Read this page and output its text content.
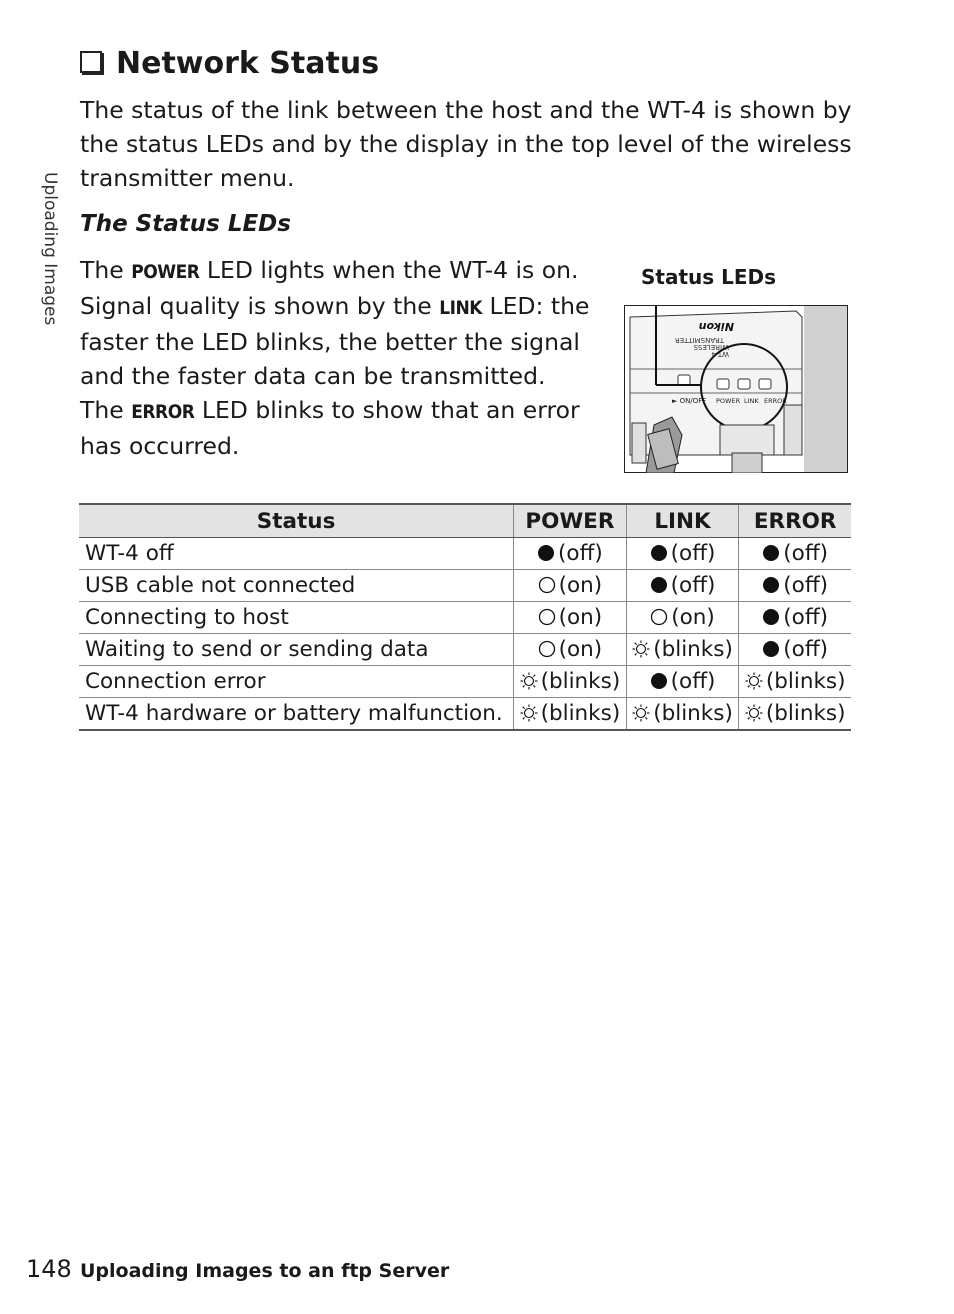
Uploading Images
Network Status

The status of the link between the host and the WT-4 is shown by the status LEDs and by the display in the top level of the wireless transmitter menu.

The Status LEDs

The POWER LED lights when the WT-4 is on. Signal quality is shown by the LINK LED: the faster the LED blinks, the better the signal and the faster data can be transmitted. The ERROR LED blinks to show that an error has occurred.

Status LEDs
WT-4
WIRELESS
TRANSMITTER
Nikon
► ON/OFF POWER LINK ERROR
Status	POWER	LINK	ERROR
WT-4 off	(off)	(off)	(off)
USB cable not connected	(on)	(off)	(off)
Connecting to host	(on)	(on)	(off)
Waiting to send or sending data	(on)	(blinks)	(off)
Connection error	(blinks)	(off)	(blinks)
WT-4 hardware or battery malfunction.	(blinks)	(blinks)	(blinks)
148 Uploading Images to an ftp Server
